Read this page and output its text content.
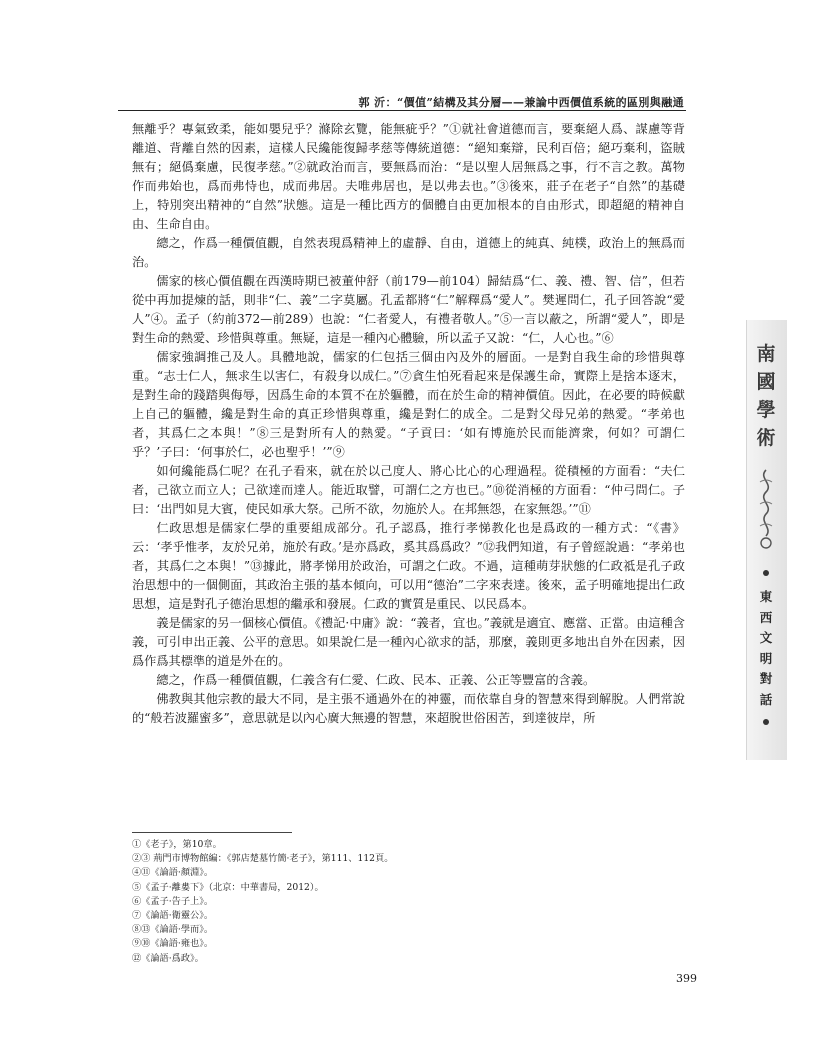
郭 沂：“價值”結構及其分層——兼論中西價值系統的區別與融通

無離乎？專氣致柔，能如嬰兒乎？滌除玄覽，能無疵乎？”①就社會道德而言，要棄絕人爲、謀慮等背離道、背離自然的因素，這樣人民纔能復歸孝慈等傳統道德：“絕知棄辯，民利百倍；絕巧棄利，盜賊無有；絕僞棄慮，民復孝慈。”②就政治而言，要無爲而治：“是以聖人居無爲之事，行不言之教。萬物作而弗始也，爲而弗恃也，成而弗居。夫唯弗居也，是以弗去也。”③後來，莊子在老子“自然”的基礎上，特別突出精神的“自然”狀態。這是一種比西方的個體自由更加根本的自由形式，即超絕的精神自由、生命自由。

總之，作爲一種價值觀，自然表現爲精神上的虛靜、自由，道德上的純真、純樸，政治上的無爲而治。

儒家的核心價值觀在西漢時期已被董仲舒（前179—前104）歸結爲“仁、義、禮、智、信”，但若從中再加提煉的話，則非“仁、義”二字莫屬。孔孟都將“仁”解釋爲“愛人”。樊遲問仁，孔子回答說“愛人”④。孟子（約前372—前289）也說：“仁者愛人，有禮者敬人。”⑤一言以蔽之，所謂“愛人”，即是對生命的熱愛、珍惜與尊重。無疑，這是一種內心體驗，所以孟子又說：“仁，人心也。”⑥

儒家強調推己及人。具體地說，儒家的仁包括三個由內及外的層面。一是對自我生命的珍惜與尊重。“志士仁人，無求生以害仁，有殺身以成仁。”⑦貪生怕死看起來是保護生命，實際上是捨本逐末，是對生命的踐踏與侮辱，因爲生命的本質不在於軀體，而在於生命的精神價值。因此，在必要的時候獻上自己的軀體，纔是對生命的真正珍惜與尊重，纔是對仁的成全。二是對父母兄弟的熱愛。“孝弟也者，其爲仁之本與！”⑧三是對所有人的熱愛。“子貢曰：‘如有博施於民而能濟衆，何如？可謂仁乎？’子曰：‘何事於仁，必也聖乎！’”⑨

如何纔能爲仁呢？在孔子看來，就在於以己度人、將心比心的心理過程。從積極的方面看：“夫仁者，己欲立而立人；己欲達而達人。能近取譬，可謂仁之方也已。”⑩從消極的方面看：“仲弓問仁。子曰：‘出門如見大賓，使民如承大祭。己所不欲，勿施於人。在邦無怨，在家無怨。’”⑪

仁政思想是儒家仁學的重要組成部分。孔子認爲，推行孝悌教化也是爲政的一種方式：“《書》云：‘孝乎惟孝，友於兄弟，施於有政。’是亦爲政，奚其爲爲政？”⑫我們知道，有子曾經說過：“孝弟也者，其爲仁之本與！”⑬據此，將孝悌用於政治，可謂之仁政。不過，這種萌芽狀態的仁政祗是孔子政治思想中的一個側面，其政治主張的基本傾向，可以用“德治”二字來表達。後來，孟子明確地提出仁政思想，這是對孔子德治思想的繼承和發展。仁政的實質是重民、以民爲本。

義是儒家的另一個核心價值。《禮記·中庸》說：“義者，宜也。”義就是適宜、應當、正當。由這種含義，可引申出正義、公平的意思。如果說仁是一種內心欲求的話，那麼，義則更多地出自外在因素，因爲作爲其標準的道是外在的。

總之，作爲一種價值觀，仁義含有仁愛、仁政、民本、正義、公正等豐富的含義。

佛教與其他宗教的最大不同，是主張不通過外在的神靈，而依靠自身的智慧來得到解脫。人們常說的“般若波羅蜜多”，意思就是以內心廣大無邊的智慧，來超脫世俗困苦，到達彼岸，所

①《老子》，第10章。
②③ 荊門市博物館編：《郭店楚墓竹簡·老子》，第111、112頁。
④⑪《論語·顏淵》。
⑤《孟子·離婁下》（北京：中華書局，2012）。
⑥《孟子·告子上》。
⑦《論語·衛靈公》。
⑧⑬《論語·學而》。
⑨⑩《論語·雍也》。
⑫《論語·爲政》。
399
南
國
學
術
東
西
文
明
對
話
